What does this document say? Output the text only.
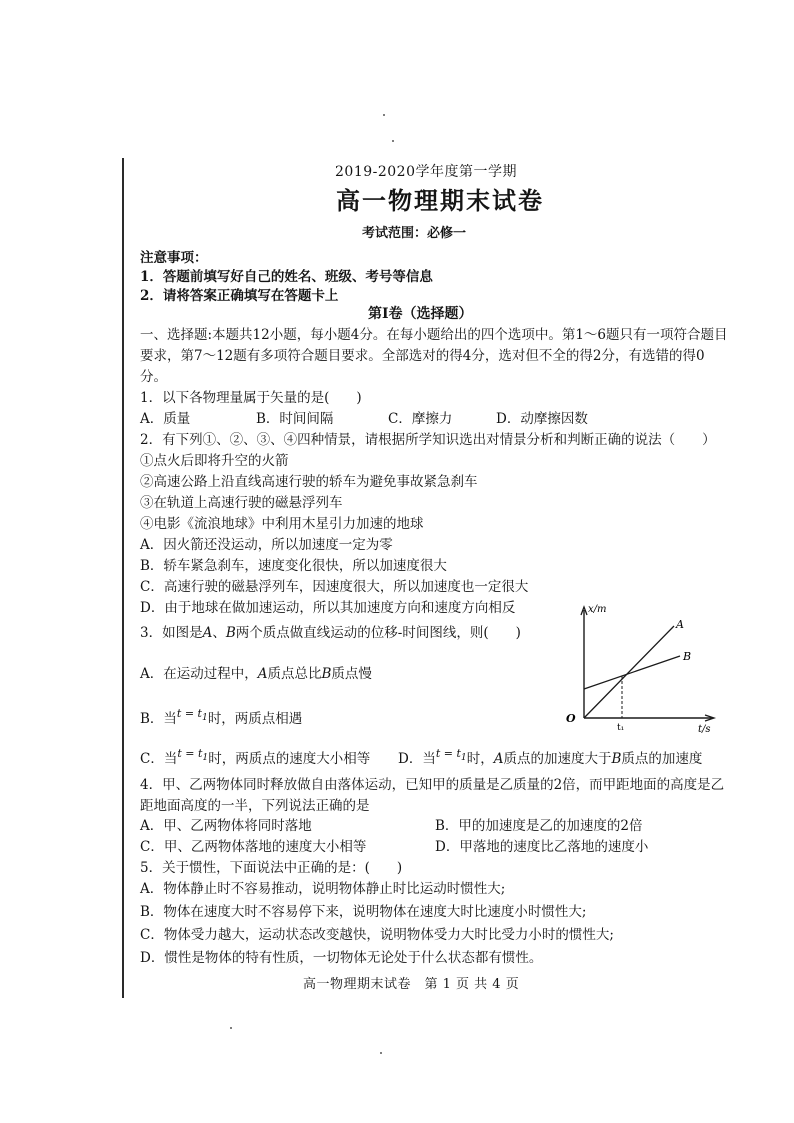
2019-2020学年度第一学期
高一物理期末试卷
考试范围：必修一
注意事项：
1．答题前填写好自己的姓名、班级、考号等信息
2．请将答案正确填写在答题卡上
第I卷（选择题）
一、选择题:本题共12小题，每小题4分。在每小题给出的四个选项中。第1～6题只有一项符合题目要求，第7～12题有多项符合题目要求。全部选对的得4分，选对但不全的得2分，有选错的得0分。
1．以下各物理量属于矢量的是(　　)
A．质量	B．时间间隔	C．摩擦力	D．动摩擦因数
2．有下列①、②、③、④四种情景，请根据所学知识选出对情景分析和判断正确的说法（　　）
①点火后即将升空的火箭
②高速公路上沿直线高速行驶的轿车为避免事故紧急刹车
③在轨道上高速行驶的磁悬浮列车
④电影《流浪地球》中利用木星引力加速的地球
A．因火箭还没运动，所以加速度一定为零
B．轿车紧急刹车，速度变化很快，所以加速度很大
C．高速行驶的磁悬浮列车，因速度很大，所以加速度也一定很大
D．由于地球在做加速运动，所以其加速度方向和速度方向相反
3．如图是A、B两个质点做直线运动的位移-时间图线，则(　　)
A．在运动过程中，A质点总比B质点慢
B．当$^{t = t_1}$时，两质点相遇
C．当$^{t = t_1}$时，两质点的速度大小相等 D．当$^{t = t_1}$时，A质点的加速度大于B质点的加速度
x/m
t/s
O
A
B
t₁
4．甲、乙两物体同时释放做自由落体运动，已知甲的质量是乙质量的2倍，而甲距地面的高度是乙距地面高度的一半，下列说法正确的是
A．甲、乙两物体将同时落地	B．甲的加速度是乙的加速度的2倍
C．甲、乙两物体落地的速度大小相等	D．甲落地的速度比乙落地的速度小
5．关于惯性，下面说法中正确的是：(　　)
A．物体静止时不容易推动，说明物体静止时比运动时惯性大;
B．物体在速度大时不容易停下来，说明物体在速度大时比速度小时惯性大;
C．物体受力越大，运动状态改变越快，说明物体受力大时比受力小时的惯性大;
D．惯性是物体的特有性质，一切物体无论处于什么状态都有惯性。
高一物理期末试卷　第 1 页 共 4 页
